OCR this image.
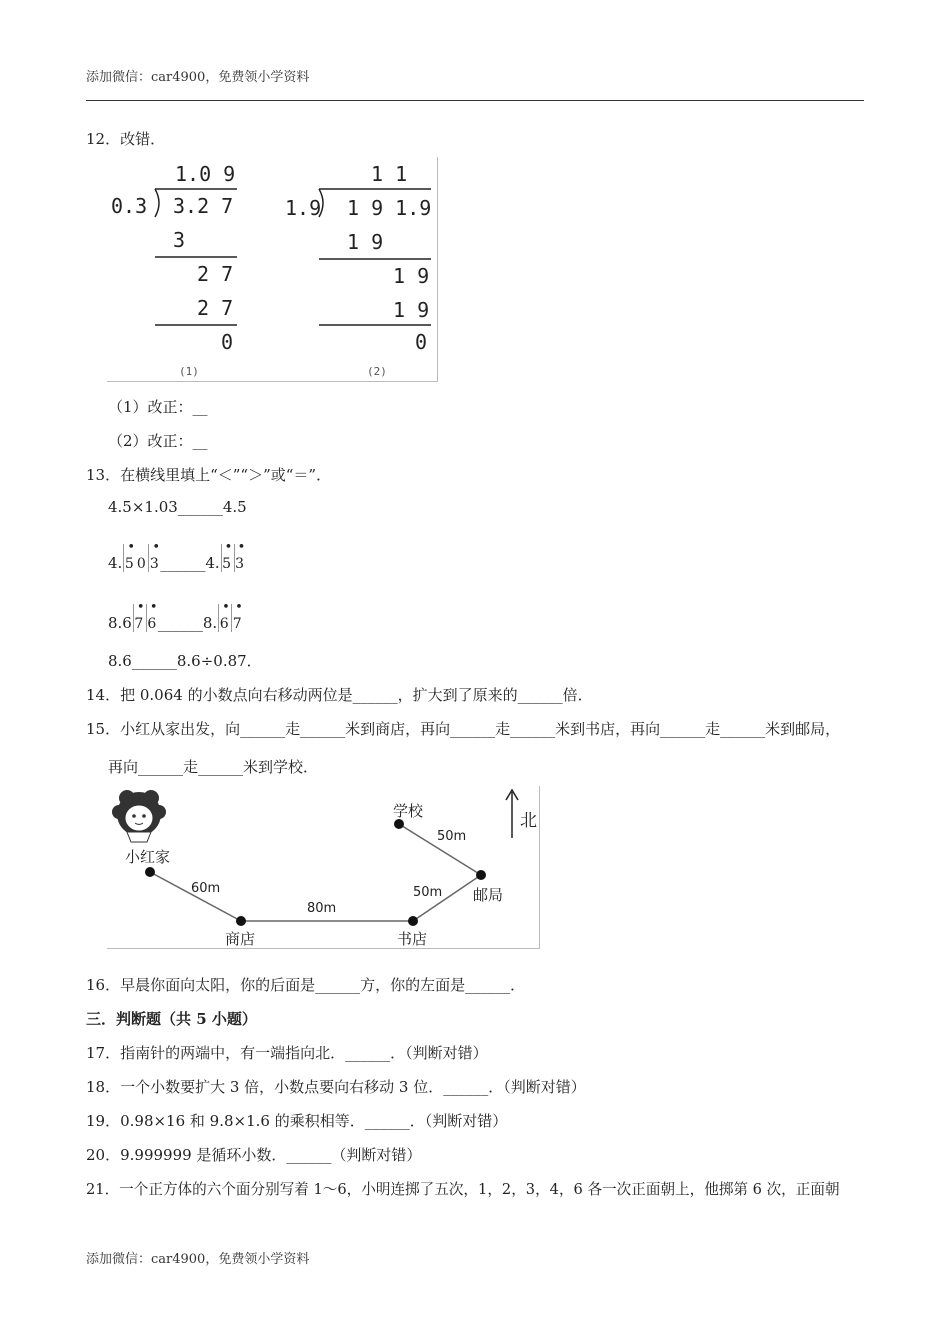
添加微信：car4900，免费领小学资料
12．改错．
1.0 9
0.3 3.2 7
3
2 7
2 7
0
(1)
1 1
1.9 1 9 1.9
1 9
1 9
1 9
0
(2)
（1）改正：__
（2）改正：__
13．在横线里填上“＜”“＞”或“＝”．
4.5×1.03______4.5
4.
•
5 0
•
3 ______4.
•
5
•
3
8.6
•
7
•
6 ______8.
•
6
•
7
8.6______8.6÷0.87．
14．把 0.064 的小数点向右移动两位是______，扩大到了原来的______倍．
15．小红从家出发，向______走______米到商店，再向______走______米到书店，再向______走______米到邮局，
再向______走______米到学校．
小红家
60m
80m
50m
50m
商店	书店
邮局
学校	北
16．早晨你面向太阳，你的后面是______方，你的左面是______．
三．判断题（共 5 小题）
17．指南针的两端中，有一端指向北．______．（判断对错）
18．一个小数要扩大 3 倍，小数点要向右移动 3 位．______．（判断对错）
19．0.98×16 和 9.8×1.6 的乘积相等．______．（判断对错）
20．9.999999 是循环小数．______（判断对错）
21．一个正方体的六个面分别写着 1～6，小明连掷了五次，1，2，3，4，6 各一次正面朝上，他掷第 6 次，正面朝
添加微信：car4900，免费领小学资料
